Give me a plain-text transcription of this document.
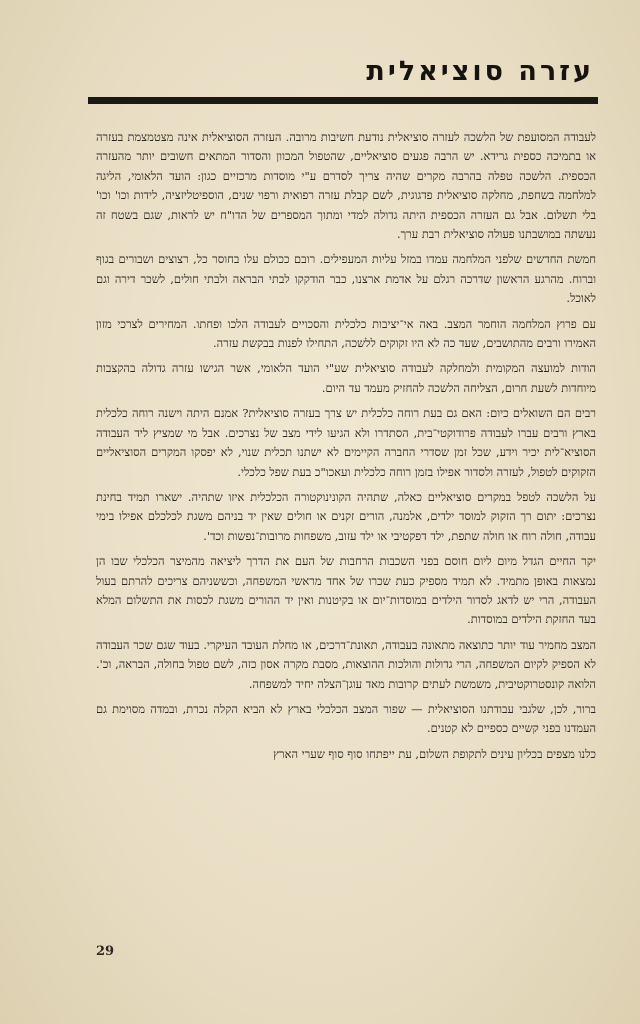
עזרה סוציאלית

לעבודה המסועפת של הלשכה לעזרה סוציאלית נודעת חשיבות מרובה. העזרה הסוציאלית אינה מצטמצמת בעזרה או בתמיכה כספית גרידא. יש הרבה פגעים סוציאליים, שהטפול המכוון והסדור המתאים חשובים יותר מהעזרה הכספית. הלשכה טפלה בהרבה מקרים שהיה צריך לסדרם ע"י מוסדות מרכזיים כגון: הועד הלאומי, הליגה למלחמה בשחפת, מחלקה סוציאלית פדגוגית, לשם קבלת עזרה רפואית ורפוי שנים, הוספיטליזציה, לידות וכו' וכו' בלי תשלום. אבל גם העזרה הכספית היתה גדולה למדי ומתוך המספרים של הדו"ח יש לראות, שגם בשטח זה נעשתה במושבתנו פעולה סוציאלית רבת ערך.

חמשת החדשים שלפני המלחמה עמדו במזל עליות המעפילים. רובם ככולם עלו בחוסר כל, רצוצים ושבורים בגוף וברוח. מהרגע הראשון שדרכה רגלם על אדמת ארצנו, כבר הודקקו לבתי הבראה ולבתי חולים, לשכר דירה וגם לאוכל.

עם פרוץ המלחמה הוחמר המצב. באה אי־יציבות כלכלית והסכויים לעבודה הלכו ופחתו. המחירים לצרכי מזון האמירו ורבים מהתושבים, שעד כה לא היו זקוקים ללשכה, התחילו לפנות בבקשת עזרה.

הודות למועצה המקומית ולמחלקה לעבודה סוציאלית שע"י הועד הלאומי, אשר הגישו עזרה גדולה בהקצבות מיוחדות לשעת חרום, הצליחה הלשכה להחזיק מעמד עד היום.

רבים הם השואלים כיום: האם גם בעת רוחה כלכלית יש צרך בעזרה סוציאלית? אמנם היתה וישנה רוחה כלכלית בארץ ורבים עברו לעבודה פרודוקטי־בית, הסתדרו ולא הגיעו לידי מצב של נצרכים. אבל מי שמציץ ליד העבודה הסוציא־לית יכיר וידע, שכל זמן שסדרי החברה הקיימים לא ישתנו תכלית שנוי, לא יפסקו המקרים הסוציאליים הזקוקים לטפול, לעזרה ולסדור אפילו בזמן רוחה כלכלית ועאכו"כ בעת שפל כלכלי.

על הלשכה לטפל במקרים סוציאליים כאלה, שתהיה הקונינוקטורה הכלכלית איזו שתהיה. ישארו תמיד בחינת נצרכים: יתום רך הזקוק למוסד ילדים, אלמנה, הורים זקנים או חולים שאין יד בניהם משגת לכלכלם אפילו בימי עבודה, חולה רוח או חולה שתפת, ילד דפקטיבי או ילד עזוב, משפחות מרובות־נפשות וכד'.

יקר החיים הגדל מיום ליום חוסם בפני השכבות הרחבות של העם את הדרך ליציאה מהמיצר הכלכלי שבו הן נמצאות באופן מתמיד. לא תמיד מספיק כעת שכרו של אחד מראשי המשפחה, וכששניהם צריכים להרתם בעול העבודה, הרי יש לדאג לסדור הילדים במוסדות־יום או בקיטנות ואין יד ההורים משגת לכסות את התשלום המלא בעד החזקת הילדים במוסדות.

המצב מחמיר עוד יותר כתוצאה מתאונה בעבודה, תאונת־דרכים, או מחלת העובד העיקרי. בעוד שגם שכר העבודה לא הספיק לקיום המשפחה, הרי גדולות והולכות ההוצאות, מסבת מקרה אסון כזה, לשם טפול בחולה, הבראה, וכ'. הלואה קונסטרוקטיבית, משמשת לעתים קרובות מאד עוגן־הצלה יחיד למשפחה.

ברור, לכן, שלגבי עבודתנו הסוציאלית — שפור המצב הכלכלי בארץ לא הביא הקלה נכרת, ובמדה מסוימת גם העמדנו בפני קשיים כספיים לא קטנים.

כלנו מצפים בכליון עינים לתקופת השלום, עת ייפתחו סוף סוף שערי הארץ

29
